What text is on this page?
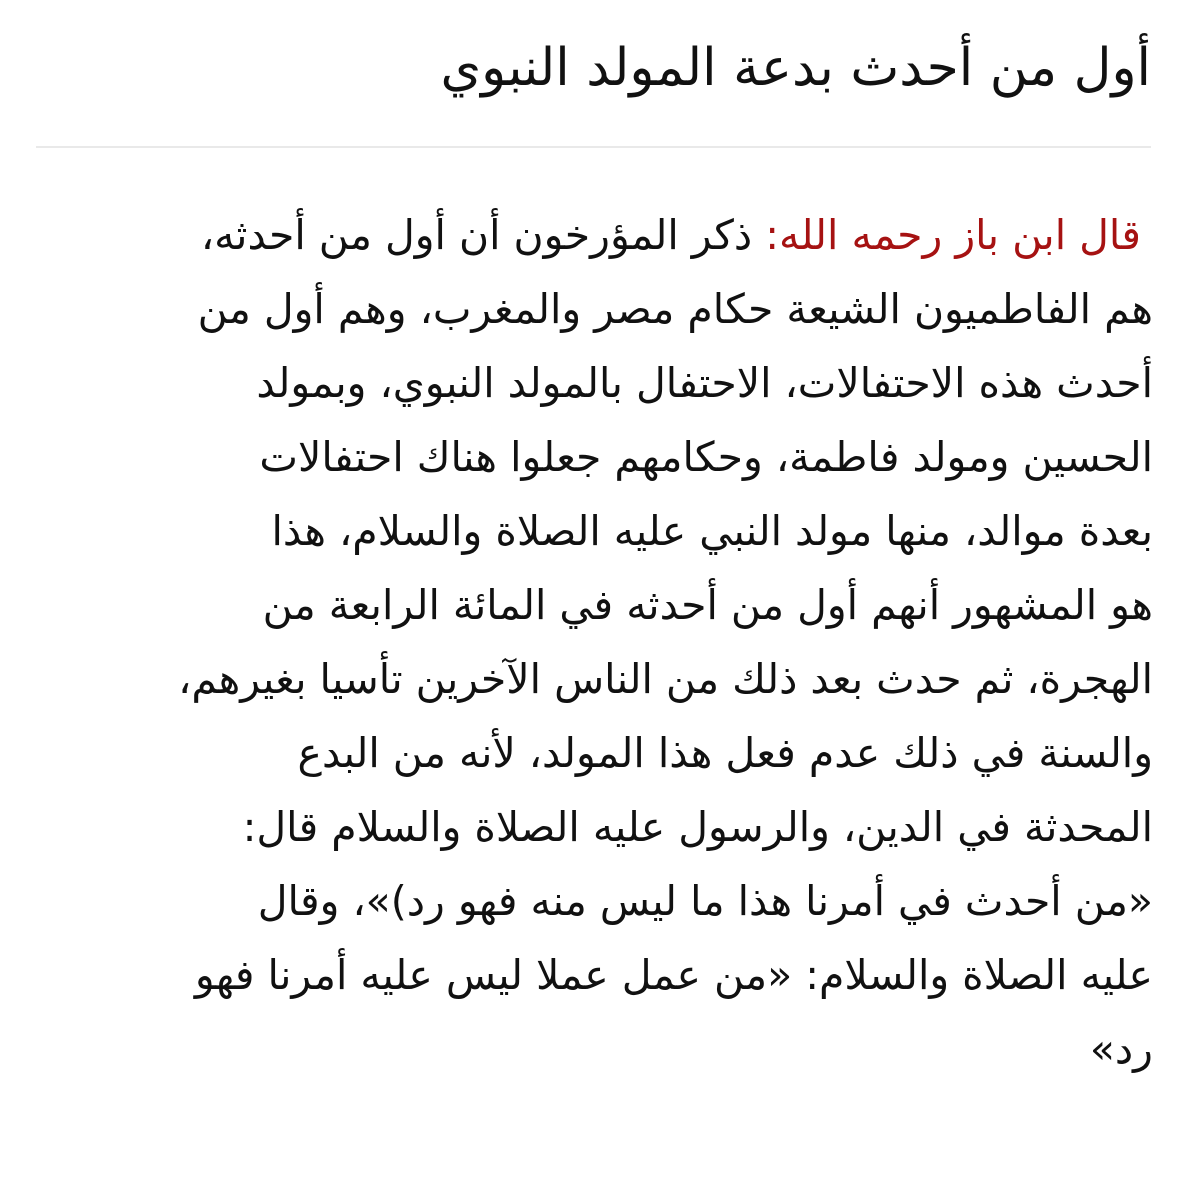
أول من أحدث بدعة المولد النبوي
قال ابن باز رحمه الله: ذكر المؤرخون أن أول من أحدثه،
هم الفاطميون الشيعة حكام مصر والمغرب، وهم أول من
أحدث هذه الاحتفالات، الاحتفال بالمولد النبوي، وبمولد
الحسين ومولد فاطمة، وحكامهم جعلوا هناك احتفالات
بعدة موالد، منها مولد النبي عليه الصلاة والسلام، هذا
هو المشهور أنهم أول من أحدثه في المائة الرابعة من
الهجرة، ثم حدث بعد ذلك من الناس الآخرين تأسيا بغيرهم،
والسنة في ذلك عدم فعل هذا المولد، لأنه من البدع
المحدثة في الدين، والرسول عليه الصلاة والسلام قال:
«من أحدث في أمرنا هذا ما ليس منه فهو رد)»، وقال
عليه الصلاة والسلام: «من عمل عملا ليس عليه أمرنا فهو
رد»
